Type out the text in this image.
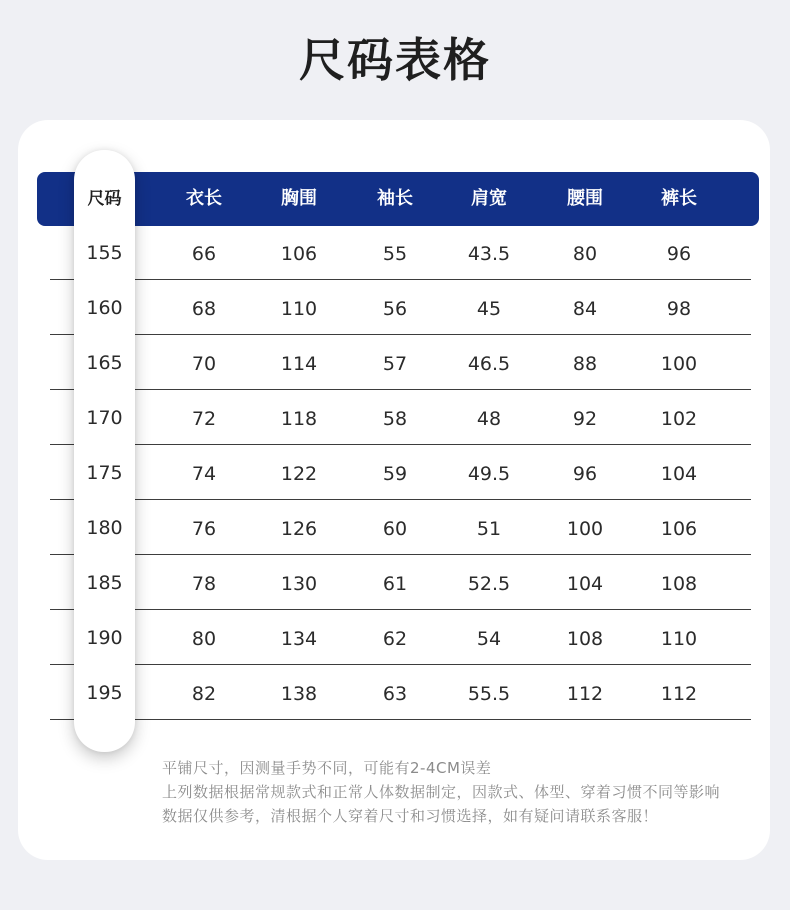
尺码表格
尺码	衣长	胸围	袖长	肩宽	腰围	裤长
155	66	106	55	43.5	80	96
160	68	110	56	45	84	98
165	70	114	57	46.5	88	100
170	72	118	58	48	92	102
175	74	122	59	49.5	96	104
180	76	126	60	51	100	106
185	78	130	61	52.5	104	108
190	80	134	62	54	108	110
195	82	138	63	55.5	112	112
平铺尺寸，因测量手势不同，可能有2-4CM误差
上列数据根据常规款式和正常人体数据制定，因款式、体型、穿着习惯不同等影响
数据仅供参考，清根据个人穿着尺寸和习惯选择，如有疑问请联系客服！
